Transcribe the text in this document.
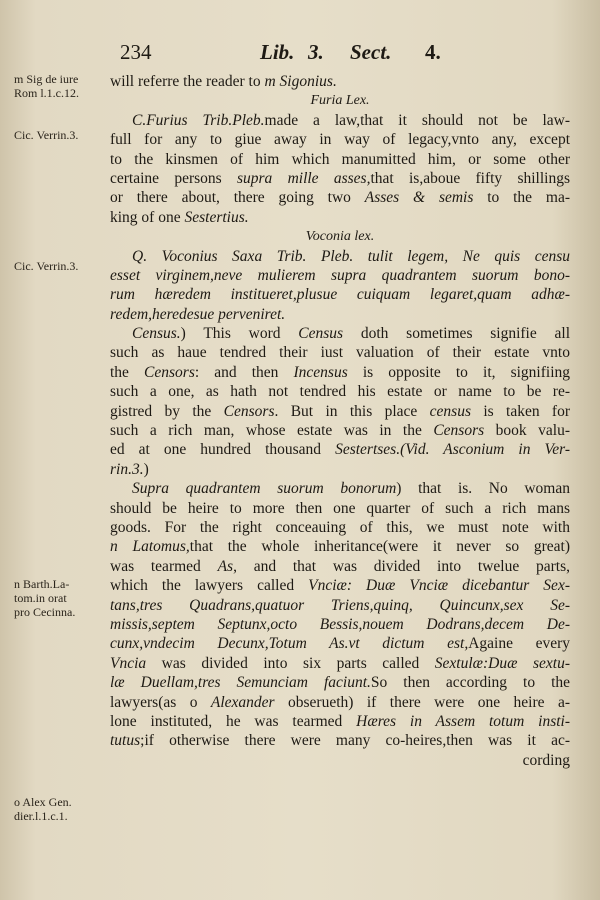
234	Lib. 3. Sect. 4.
m Sig de iure
Rom l.1.c.12.
Cic. Verrin.3.
Cic. Verrin.3.
n Barth.La-
tom.in orat
pro Cecinna.
o Alex Gen.
dier.l.1.c.1.
will referre the reader to m Sigonius.
Furia Lex.
C.Furius Trib.Pleb.made a law,that it should not be law-
full for any to giue away in way of legacy,vnto any, except
to the kinsmen of him which manumitted him, or some other
certaine persons supra mille asses,that is,aboue fifty shillings
or there about, there going two Asses & semis to the ma-
king of one Sestertius.
Voconia lex.
Q. Voconius Saxa Trib. Pleb. tulit legem, Ne quis censu
esset virginem,neve mulierem supra quadrantem suorum bono-
rum hæredem institueret,plusue cuiquam legaret,quam adhæ-
redem,heredesue perveniret.
Census.) This word Census doth sometimes signifie all
such as haue tendred their iust valuation of their estate vnto
the Censors: and then Incensus is opposite to it, signifiing
such a one, as hath not tendred his estate or name to be re-
gistred by the Censors. But in this place census is taken for
such a rich man, whose estate was in the Censors book valu-
ed at one hundred thousand Sestertses.(Vid. Asconium in Ver-
rin.3.)
Supra quadrantem suorum bonorum) that is. No woman
should be heire to more then one quarter of such a rich mans
goods. For the right conceauing of this, we must note with
n Latomus,that the whole inheritance(were it never so great)
was tearmed As, and that was divided into twelue parts,
which the lawyers called Vnciæ: Duæ Vnciæ dicebantur Sex-
tans,tres Quadrans,quatuor Triens,quinq, Quincunx,sex Se-
missis,septem Septunx,octo Bessis,nouem Dodrans,decem De-
cunx,vndecim Decunx,Totum As.vt dictum est,Againe every
Vncia was divided into six parts called Sextulæ:Duæ sextu-
læ Duellam,tres Semunciam faciunt.So then according to the
lawyers(as o Alexander obserueth) if there were one heire a-
lone instituted, he was tearmed Hæres in Assem totum insti-
tutus;if otherwise there were many co-heires,then was it ac-
cording
